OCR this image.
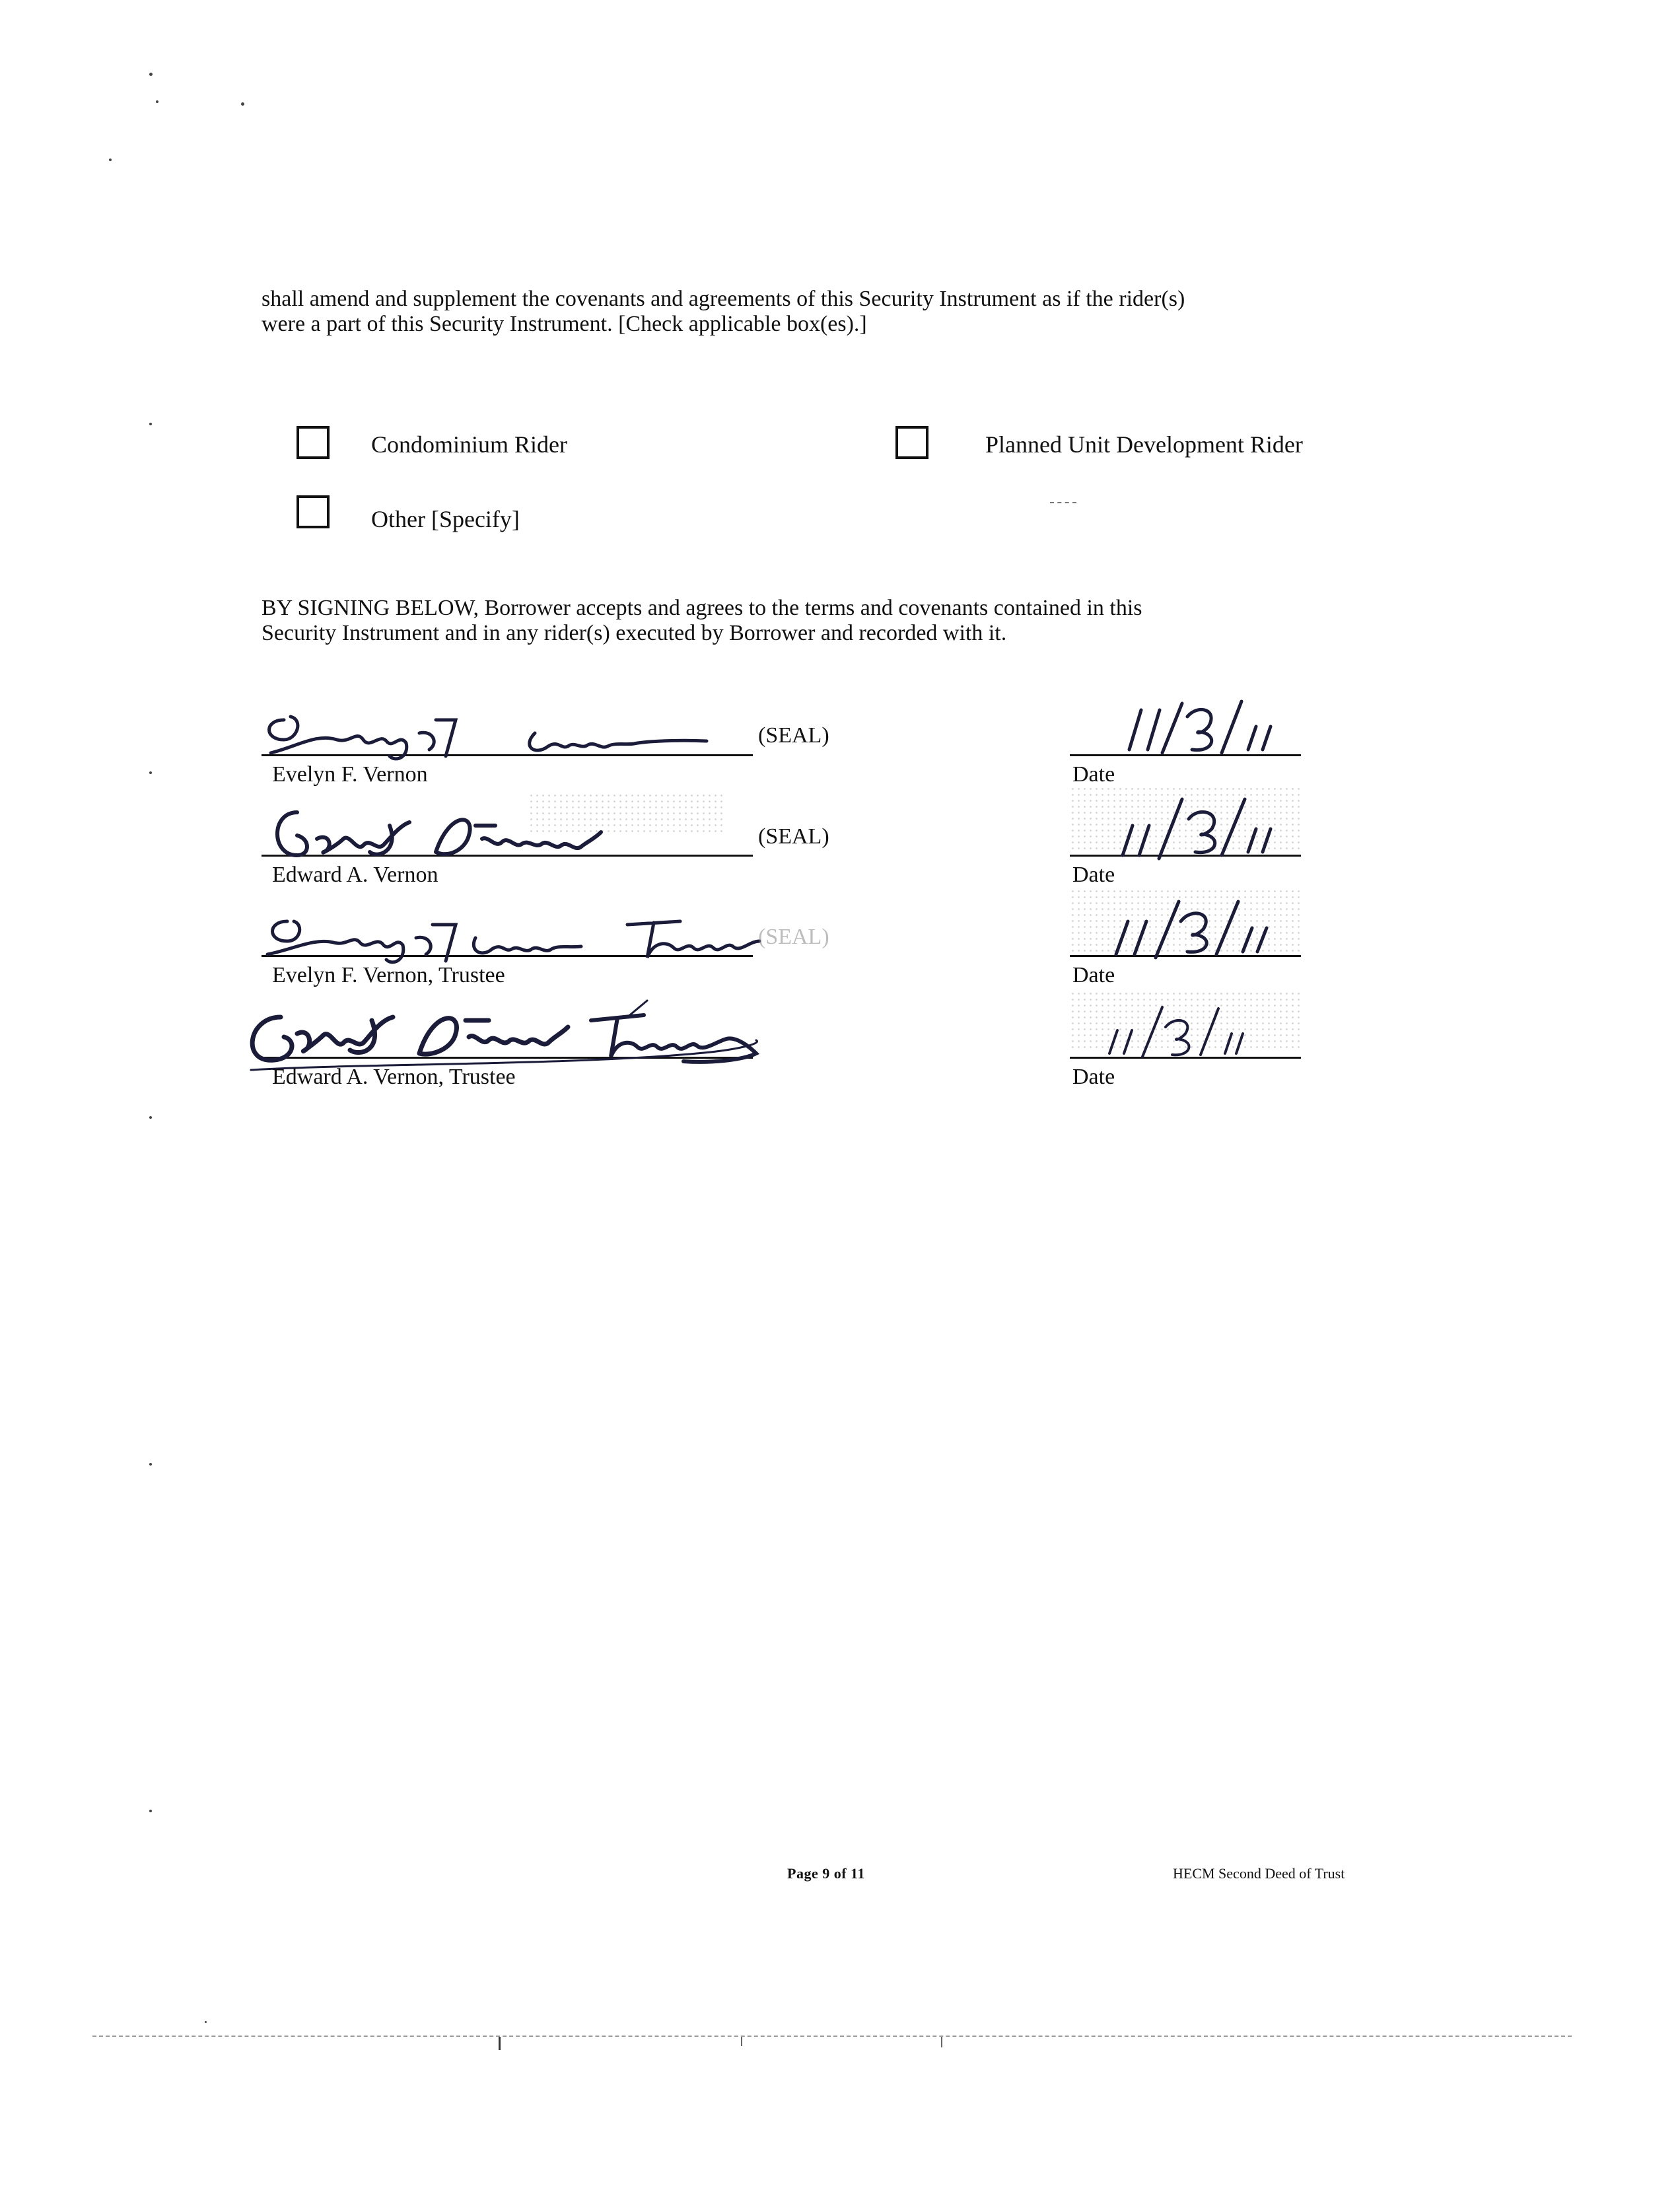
shall amend and supplement the covenants and agreements of this Security Instrument as if the rider(s)
were a part of this Security Instrument. [Check applicable box(es).]
Condominium Rider	Planned Unit Development Rider
Other [Specify]
BY SIGNING BELOW, Borrower accepts and agrees to the terms and covenants contained in this
Security Instrument and in any rider(s) executed by Borrower and recorded with it.
(SEAL)
Evelyn F. Vernon	Date
(SEAL)
Edward A. Vernon	Date
(SEAL)
Evelyn F. Vernon, Trustee	Date
Edward A. Vernon, Trustee	Date
Page 9 of 11	HECM Second Deed of Trust
